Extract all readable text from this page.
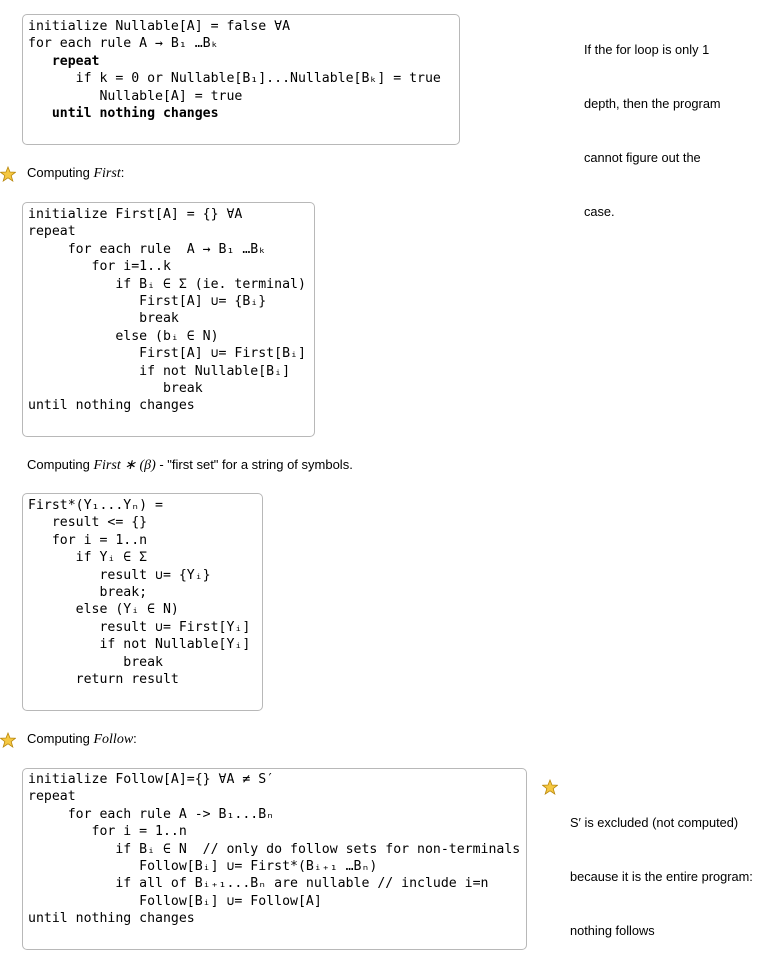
initialize Nullable[A] = false ∀A
for each rule A → B₁ …Bₖ
repeat
if k = 0 or Nullable[B₁]...Nullable[Bₖ] = true
Nullable[A] = true
until nothing changes

If the for loop is only 1

depth, then the program

cannot figure out the

case.

Computing First:
initialize First[A] = {} ∀A
repeat
for each rule  A → B₁ …Bₖ
for i=1..k
if Bᵢ ∈ Σ (ie. terminal)
First[A] ∪= {Bᵢ}
break
else (bᵢ ∈ N)
First[A] ∪= First[Bᵢ]
if not Nullable[Bᵢ]
break
until nothing changes
Computing First ∗ (β) - "first set" for a string of symbols.
First*(Y₁...Yₙ) =
result <= {}
for i = 1..n
if Yᵢ ∈ Σ
result ∪= {Yᵢ}
break;
else (Yᵢ ∈ N)
result ∪= First[Yᵢ]
if not Nullable[Yᵢ]
break
return result
Computing Follow:
initialize Follow[A]={} ∀A ≠ S′
repeat
for each rule A -> B₁...Bₙ
for i = 1..n
if Bᵢ ∈ N  // only do follow sets for non-terminals
Follow[Bᵢ] ∪= First*(Bᵢ₊₁ …Bₙ)
if all of Bᵢ₊₁...Bₙ are nullable // include i=n
Follow[Bᵢ] ∪= Follow[A]
until nothing changes

S′ is excluded (not computed)

because it is the entire program:

nothing follows
